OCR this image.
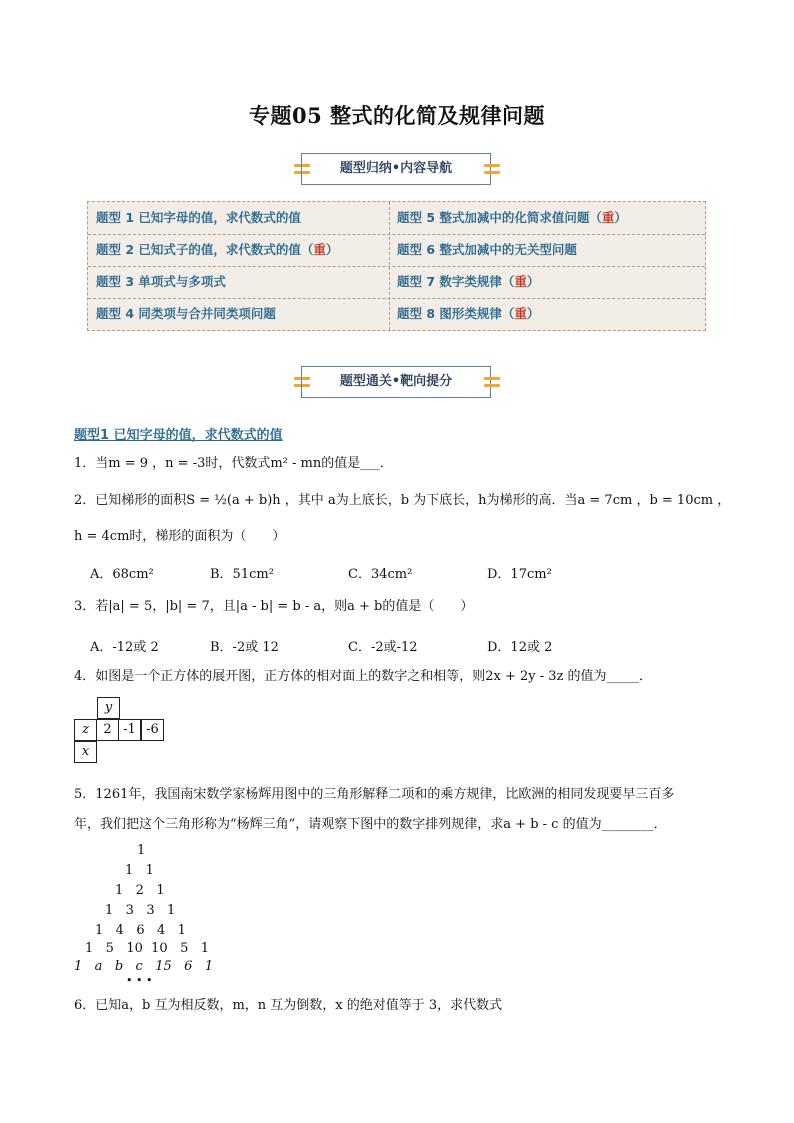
专题05 整式的化简及规律问题
题型归纳•内容导航
题型 1 已知字母的值，求代数式的值	题型 5 整式加减中的化简求值问题（重）
题型 2 已知式子的值，求代数式的值（重）	题型 6 整式加减中的无关型问题
题型 3 单项式与多项式	题型 7 数字类规律（重）
题型 4 同类项与合并同类项问题	题型 8 图形类规律（重）
题型通关•靶向提分
题型1 已知字母的值，求代数式的值
1．当m = 9 ，n = -3时，代数式m² - mn的值是___．
2．已知梯形的面积S = ½(a + b)h ，其中 a为上底长，b 为下底长，h为梯形的高．当a = 7cm ，b = 10cm ，
h = 4cm时，梯形的面积为（　　）
A．68cm²	B．51cm²	C．34cm²	D．17cm²
3．若|a| = 5，|b| = 7，且|a - b| = b - a，则a + b的值是（　　）
A．-12或 2	B．-2或 12	C．-2或-12	D．12或 2
4．如图是一个正方体的展开图，正方体的相对面上的数字之和相等，则2x + 2y - 3z 的值为_____．
y
z	2 -1 -6
x
5．1261年，我国南宋数学家杨辉用图中的三角形解释二项和的乘方规律，比欧洲的相同发现要早三百多
年，我们把这个三角形称为“杨辉三角”，请观察下图中的数字排列规律，求a + b - c 的值为________．
1
1   1
1   2   1
1   3   3   1
1   4   6   4   1
1   5   10  10   5   1
1   a   b   c   15   6   1
• • •
6．已知a，b 互为相反数，m，n 互为倒数，x 的绝对值等于 3，求代数式
